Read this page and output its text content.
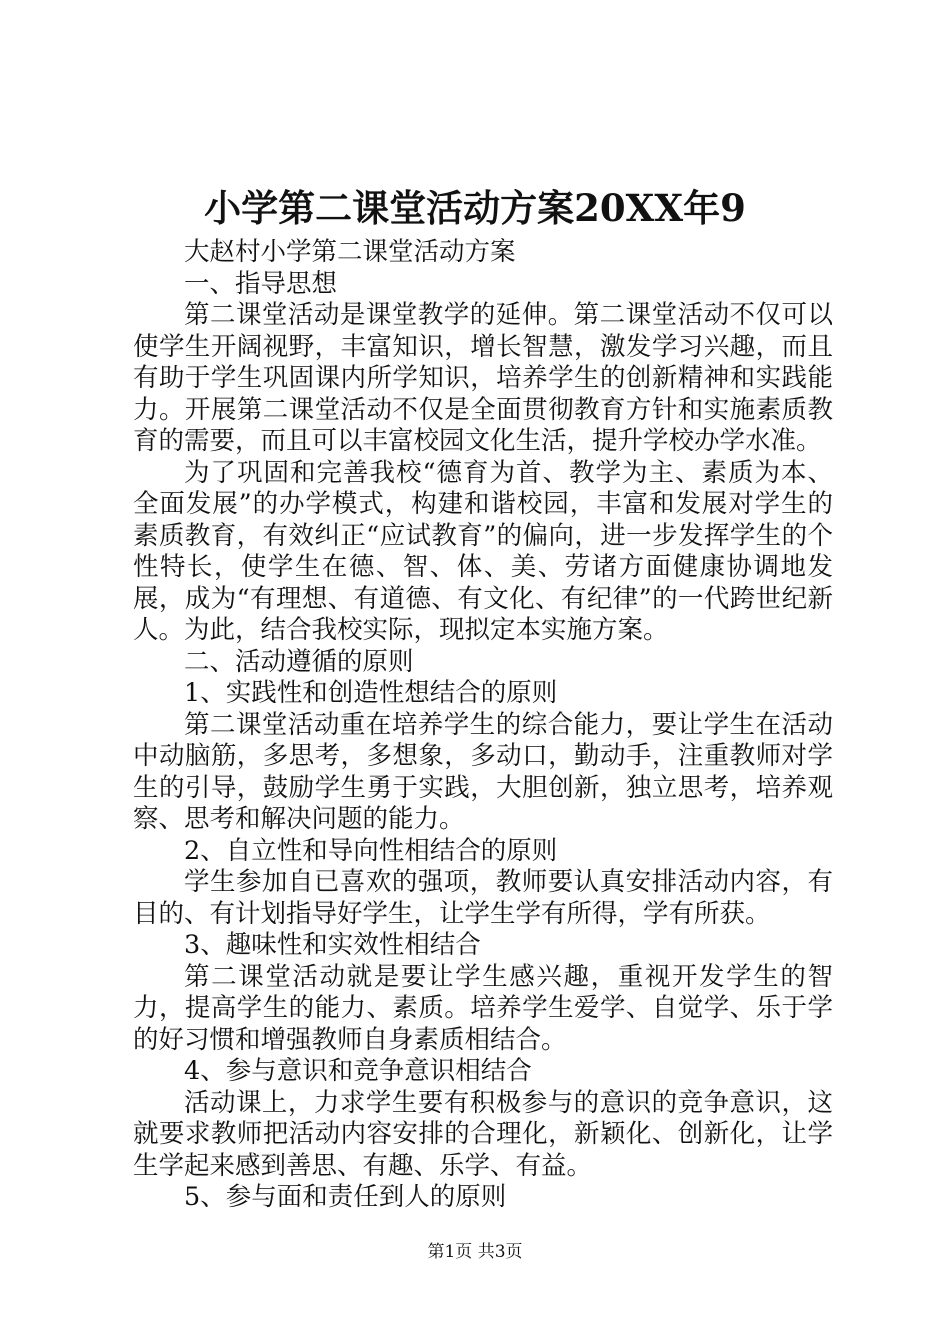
小学第二课堂活动方案20XX年9

大赵村小学第二课堂活动方案

一、指导思想

第二课堂活动是课堂教学的延伸。第二课堂活动不仅可以使学生开阔视野，丰富知识，增长智慧，激发学习兴趣，而且有助于学生巩固课内所学知识，培养学生的创新精神和实践能力。开展第二课堂活动不仅是全面贯彻教育方针和实施素质教育的需要，而且可以丰富校园文化生活，提升学校办学水准。

为了巩固和完善我校“德育为首、教学为主、素质为本、全面发展”的办学模式，构建和谐校园，丰富和发展对学生的素质教育，有效纠正“应试教育”的偏向，进一步发挥学生的个性特长，使学生在德、智、体、美、劳诸方面健康协调地发展，成为“有理想、有道德、有文化、有纪律”的一代跨世纪新人。为此，结合我校实际，现拟定本实施方案。

二、活动遵循的原则

1、实践性和创造性想结合的原则

第二课堂活动重在培养学生的综合能力，要让学生在活动中动脑筋，多思考，多想象，多动口，勤动手，注重教师对学生的引导，鼓励学生勇于实践，大胆创新，独立思考，培养观察、思考和解决问题的能力。

2、自立性和导向性相结合的原则

学生参加自已喜欢的强项，教师要认真安排活动内容，有目的、有计划指导好学生，让学生学有所得，学有所获。

3、趣味性和实效性相结合

第二课堂活动就是要让学生感兴趣，重视开发学生的智力，提高学生的能力、素质。培养学生爱学、自觉学、乐于学的好习惯和增强教师自身素质相结合。

4、参与意识和竞争意识相结合

活动课上，力求学生要有积极参与的意识的竞争意识，这就要求教师把活动内容安排的合理化，新颖化、创新化，让学生学起来感到善思、有趣、乐学、有益。

5、参与面和责任到人的原则

第1页 共3页
